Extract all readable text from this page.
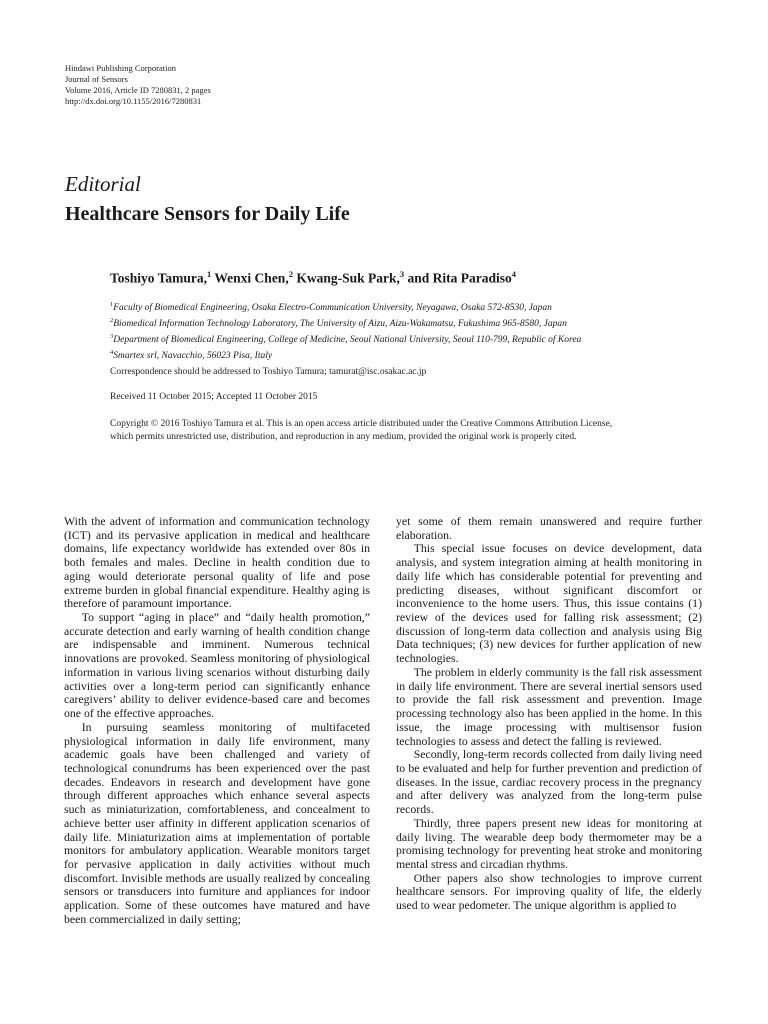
Hindawi Publishing Corporation
Journal of Sensors
Volume 2016, Article ID 7280831, 2 pages
http://dx.doi.org/10.1155/2016/7280831
Editorial
Healthcare Sensors for Daily Life
Toshiyo Tamura,$^1$ Wenxi Chen,$^2$ Kwang-Suk Park,$^3$ and Rita Paradiso$^4$
$^1$Faculty of Biomedical Engineering, Osaka Electro-Communication University, Neyagawa, Osaka 572-8530, Japan
$^2$Biomedical Information Technology Laboratory, The University of Aizu, Aizu-Wakamatsu, Fukushima 965-8580, Japan
$^3$Department of Biomedical Engineering, College of Medicine, Seoul National University, Seoul 110-799, Republic of Korea
$^4$Smartex srl, Navacchio, 56023 Pisa, Italy
Correspondence should be addressed to Toshiyo Tamura; tamurat@isc.osakac.ac.jp
Received 11 October 2015; Accepted 11 October 2015
Copyright © 2016 Toshiyo Tamura et al. This is an open access article distributed under the Creative Commons Attribution License,
which permits unrestricted use, distribution, and reproduction in any medium, provided the original work is properly cited.

With the advent of information and communication technology (ICT) and its pervasive application in medical and healthcare domains, life expectancy worldwide has extended over 80s in both females and males. Decline in health condition due to aging would deteriorate personal quality of life and pose extreme burden in global financial expenditure. Healthy aging is therefore of paramount importance.

To support “aging in place” and “daily health promotion,” accurate detection and early warning of health condition change are indispensable and imminent. Numerous technical innovations are provoked. Seamless monitoring of physiological information in various living scenarios without disturbing daily activities over a long-term period can significantly enhance caregivers’ ability to deliver evidence-based care and becomes one of the effective approaches.

In pursuing seamless monitoring of multifaceted physiological information in daily life environment, many academic goals have been challenged and variety of technological conundrums has been experienced over the past decades. Endeavors in research and development have gone through different approaches which enhance several aspects such as miniaturization, comfortableness, and concealment to achieve better user affinity in different application scenarios of daily life. Miniaturization aims at implementation of portable monitors for ambulatory application. Wearable monitors target for pervasive application in daily activities without much discomfort. Invisible methods are usually realized by concealing sensors or transducers into furniture and appliances for indoor application. Some of these outcomes have matured and have been commercialized in daily setting;

yet some of them remain unanswered and require further elaboration.

This special issue focuses on device development, data analysis, and system integration aiming at health monitoring in daily life which has considerable potential for preventing and predicting diseases, without significant discomfort or inconvenience to the home users. Thus, this issue contains (1) review of the devices used for falling risk assessment; (2) discussion of long-term data collection and analysis using Big Data techniques; (3) new devices for further application of new technologies.

The problem in elderly community is the fall risk assessment in daily life environment. There are several inertial sensors used to provide the fall risk assessment and prevention. Image processing technology also has been applied in the home. In this issue, the image processing with multisensor fusion technologies to assess and detect the falling is reviewed.

Secondly, long-term records collected from daily living need to be evaluated and help for further prevention and prediction of diseases. In the issue, cardiac recovery process in the pregnancy and after delivery was analyzed from the long-term pulse records.

Thirdly, three papers present new ideas for monitoring at daily living. The wearable deep body thermometer may be a promising technology for preventing heat stroke and monitoring mental stress and circadian rhythms.

Other papers also show technologies to improve current healthcare sensors. For improving quality of life, the elderly used to wear pedometer. The unique algorithm is applied to
